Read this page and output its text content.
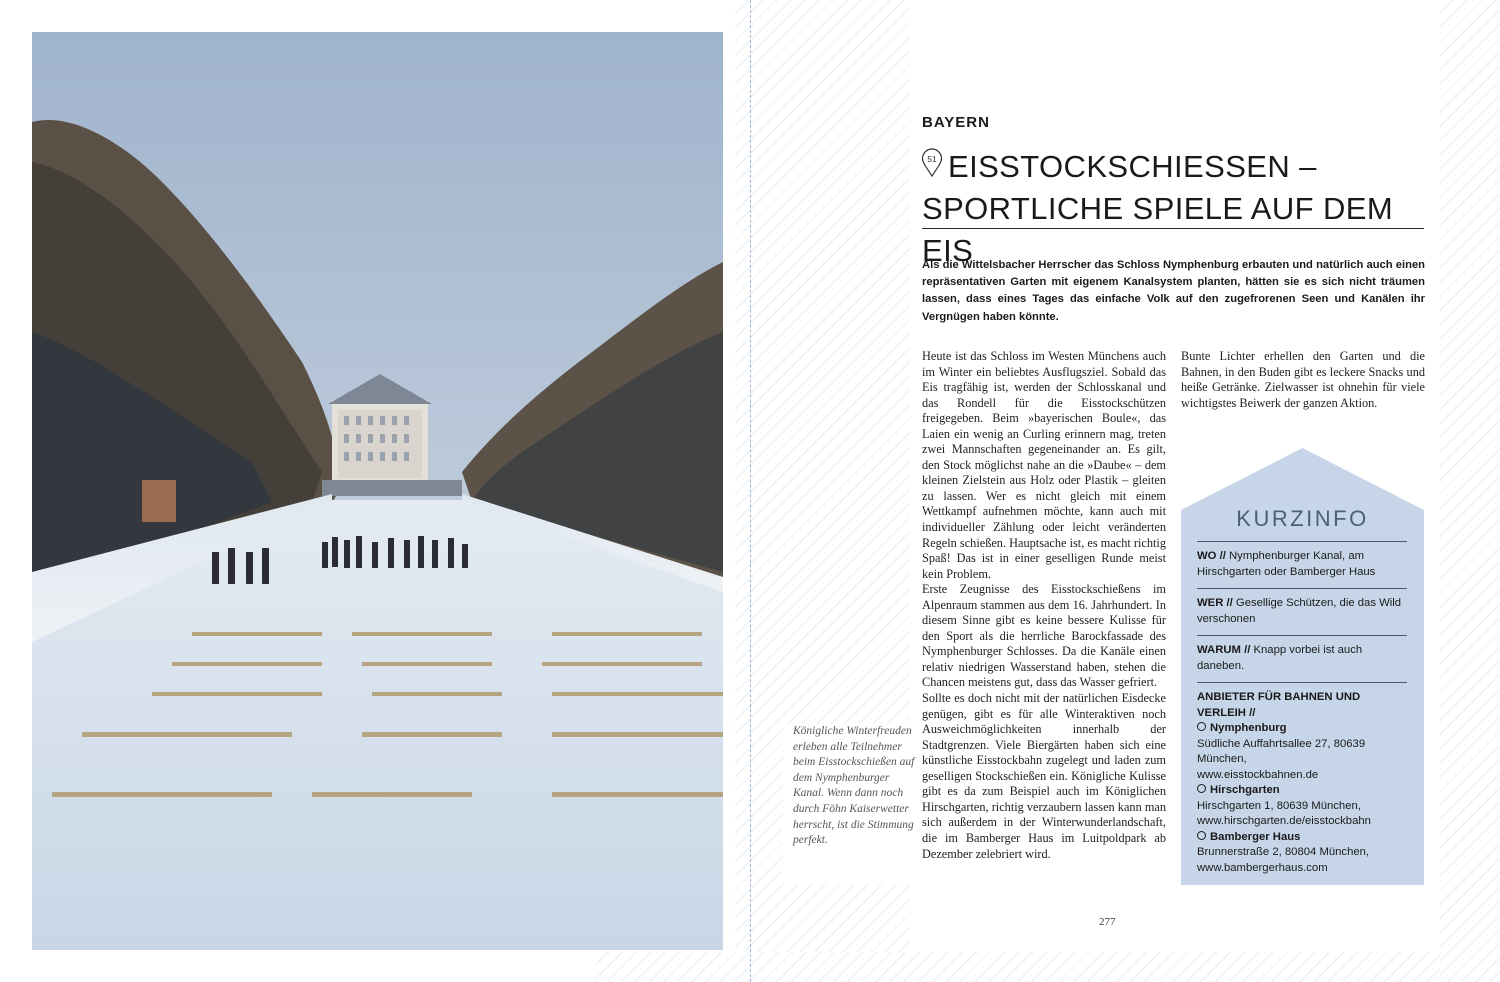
Königliche Winterfreuden erleben alle Teilnehmer beim Eisstockschießen auf dem Nymphenburger Kanal. Wenn dann noch durch Föhn Kaiserwetter herrscht, ist die Stimmung perfekt.
BAYERN
51 EISSTOCKSCHIESSEN –
SPORTLICHE SPIELE AUF DEM EIS
Als die Wittelsbacher Herrscher das Schloss Nymphenburg erbauten und natürlich auch einen repräsentativen Garten mit eigenem Kanalsystem planten, hätten sie es sich nicht träumen lassen, dass eines Tages das einfache Volk auf den zugefrorenen Seen und Kanälen ihr Vergnügen haben könnte.

Heute ist das Schloss im Westen Münchens auch im Winter ein beliebtes Ausflugsziel. Sobald das Eis tragfähig ist, werden der Schlosskanal und das Rondell für die Eisstockschützen freigegeben. Beim »bayerischen Boule«, das Laien ein wenig an Curling erinnern mag, treten zwei Mannschaften gegeneinander an. Es gilt, den Stock möglichst nahe an die »Daube« – dem kleinen Zielstein aus Holz oder Plastik – gleiten zu lassen. Wer es nicht gleich mit einem Wettkampf aufnehmen möchte, kann auch mit individueller Zählung oder leicht veränderten Regeln schießen. Hauptsache ist, es macht richtig Spaß! Das ist in einer geselligen Runde meist kein Problem.

Erste Zeugnisse des Eisstockschießens im Alpenraum stammen aus dem 16. Jahrhundert. In diesem Sinne gibt es keine bessere Kulisse für den Sport als die herrliche Barockfassade des Nymphenburger Schlosses. Da die Kanäle einen relativ niedrigen Wasserstand haben, stehen die Chancen meistens gut, dass das Wasser gefriert.

Sollte es doch nicht mit der natürlichen Eisdecke genügen, gibt es für alle Winteraktiven noch Ausweichmöglichkeiten innerhalb der Stadtgrenzen. Viele Biergärten haben sich eine künstliche Eisstockbahn zugelegt und laden zum geselligen Stockschießen ein. Königliche Kulisse gibt es da zum Beispiel auch im Königlichen Hirschgarten, richtig verzaubern lassen kann man sich außerdem in der Winterwunderlandschaft, die im Bamberger Haus im Luitpoldpark ab Dezember zelebriert wird.

Bunte Lichter erhellen den Garten und die Bahnen, in den Buden gibt es leckere Snacks und heiße Getränke. Zielwasser ist ohnehin für viele wichtigstes Beiwerk der ganzen Aktion.

KURZINFO
WO // Nymphenburger Kanal, am Hirschgarten oder Bamberger Haus
WER // Gesellige Schützen, die das Wild verschonen
WARUM // Knapp vorbei ist auch daneben.
ANBIETER FÜR BAHNEN UND VERLEIH //
Nymphenburg
Südliche Auffahrtsallee 27, 80639 München,
www.eisstockbahnen.de
Hirschgarten
Hirschgarten 1, 80639 München,
www.hirschgarten.de/eisstockbahn
Bamberger Haus
Brunnerstraße 2, 80804 München,
www.bambergerhaus.com
277
